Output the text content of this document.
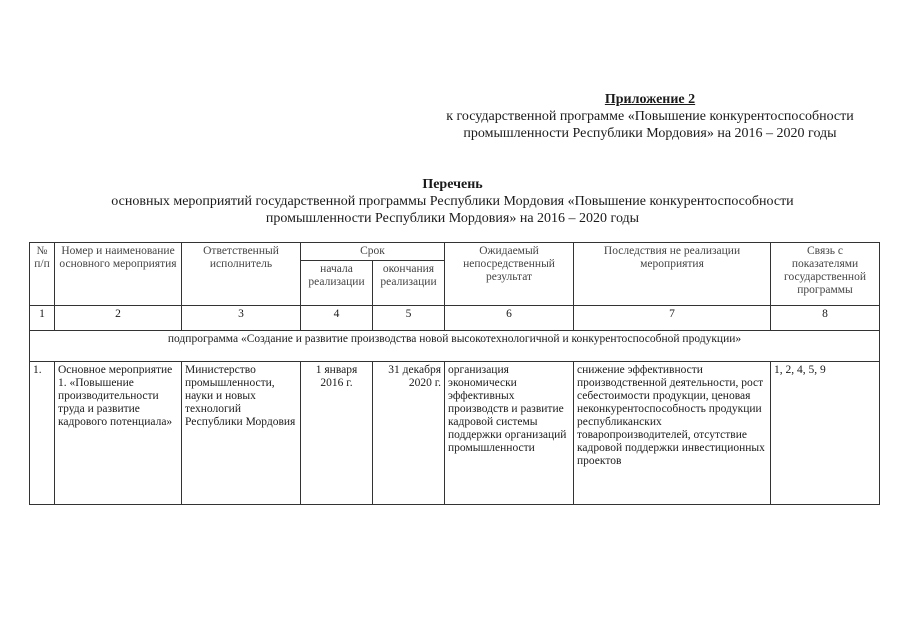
Приложение 2
к государственной программе «Повышение конкурентоспособности
промышленности Республики Мордовия» на 2016 – 2020 годы
Перечень
основных мероприятий государственной программы Республики Мордовия «Повышение конкурентоспособности
промышленности Республики Мордовия» на 2016 – 2020 годы
№ п/п	Номер и наименование основного мероприятия	Ответственный исполнитель	Срок		Ожидаемый непосредственный результат	Последствия не реализации мероприятия	Связь с показателями государственной программы
			начала реализации	окончания реализации			
1	2	3	4	5	6	7	8
подпрограмма «Создание и развитие производства новой высокотехнологичной и конкурентоспособной продукции»							
1.	Основное мероприятие 1. «Повышение производительности труда и развитие кадрового потенциала»	Министерство промышленности, науки и новых технологий Республики Мордовия	1 января 2016 г.	31 декабря 2020 г.	организация экономически эффективных производств и развитие кадровой системы поддержки организаций промышленности	снижение эффективности производственной деятельности, рост себестоимости продукции, ценовая неконкурентоспособность продукции республиканских товаропроизводителей, отсутствие кадровой поддержки инвестиционных проектов	1, 2, 4, 5, 9
